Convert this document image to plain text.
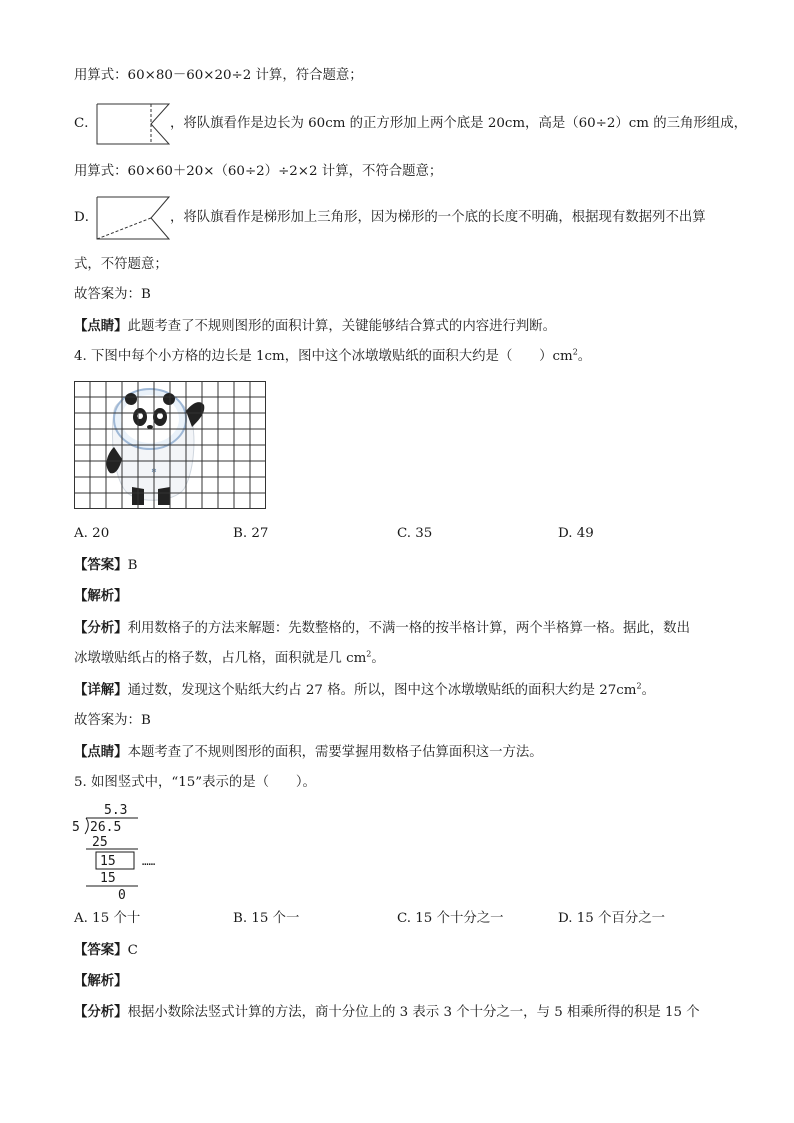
用算式：60×80－60×20÷2 计算，符合题意；
C．	，将队旗看作是边长为 60cm 的正方形加上两个底是 20cm，高是（60÷2）cm 的三角形组成，
用算式：60×60＋20×（60÷2）÷2×2 计算，不符合题意；
D．	，将队旗看作是梯形加上三角形，因为梯形的一个底的长度不明确，根据现有数据列不出算
式，不符题意；
故答案为：B
【点睛】此题考查了不规则图形的面积计算，关键能够结合算式的内容进行判断。
4. 下图中每个小方格的边长是 1cm，图中这个冰墩墩贴纸的面积大约是（　　）$cm^2$。
❄
A. 20	B. 27	C. 35	D. 49
【答案】B
【解析】
【分析】利用数格子的方法来解题：先数整格的，不满一格的按半格计算，两个半格算一格。据此，数出
冰墩墩贴纸占的格子数，占几格，面积就是几 $cm^2$。
【详解】通过数，发现这个贴纸大约占 27 格。所以，图中这个冰墩墩贴纸的面积大约是 $27cm^2$。
故答案为：B
【点睛】本题考查了不规则图形的面积，需要掌握用数格子估算面积这一方法。
5. 如图竖式中，“15”表示的是（　　）。
5.3
5 26.5
25
15 ……
15
0
A. 15 个十	B. 15 个一	C. 15 个十分之一	D. 15 个百分之一
【答案】C
【解析】
【分析】根据小数除法竖式计算的方法，商十分位上的 3 表示 3 个十分之一，与 5 相乘所得的积是 15 个
